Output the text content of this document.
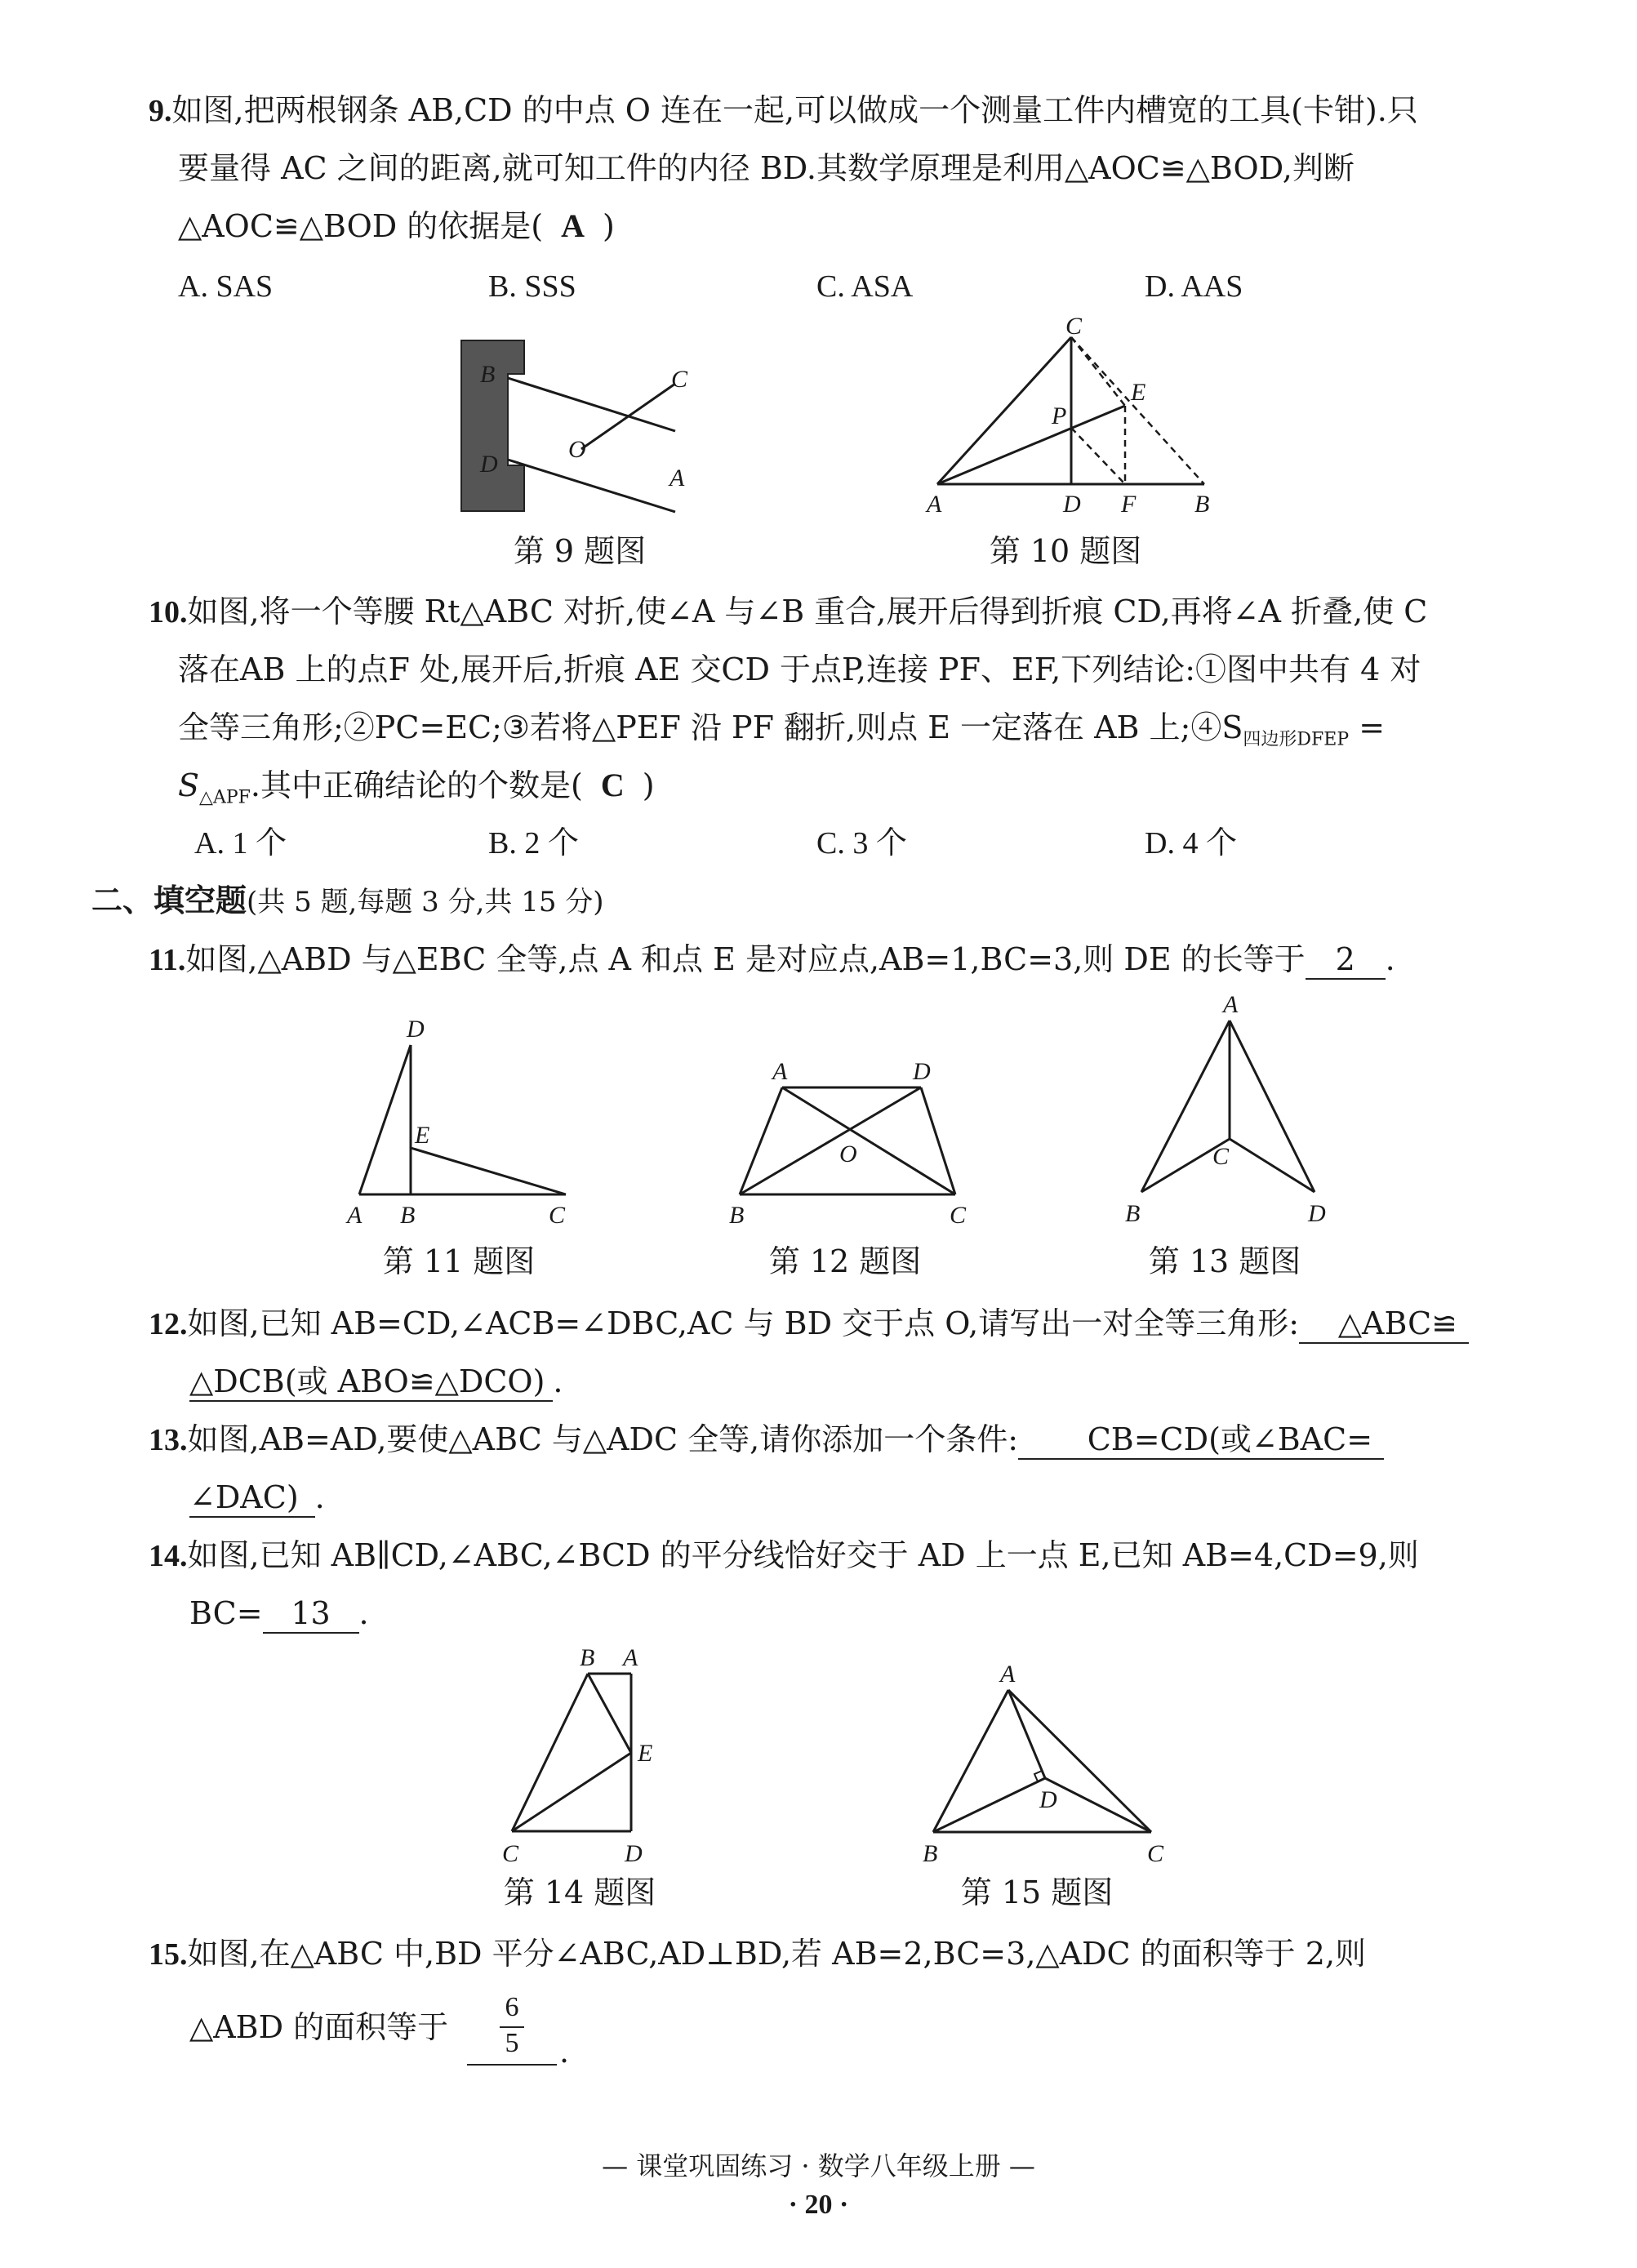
9.如图,把两根钢条 AB,CD 的中点 O 连在一起,可以做成一个测量工件内槽宽的工具(卡钳).只
要量得 AC 之间的距离,就可知工件的内径 BD.其数学原理是利用△AOC≌△BOD,判断
△AOC≌△BOD 的依据是( A )
A. SAS	B. SSS	C. ASA	D. AAS
B	C
O
D
A
第 9 题图
C
E
P
A	D F B
第 10 题图
10.如图,将一个等腰 Rt△ABC 对折,使∠A 与∠B 重合,展开后得到折痕 CD,再将∠A 折叠,使 C
落在AB 上的点F 处,展开后,折痕 AE 交CD 于点P,连接 PF、EF,下列结论:①图中共有 4 对
全等三角形;②PC=EC;③若将△PEF 沿 PF 翻折,则点 E 一定落在 AB 上$;④S_{四边形DFEP}$ =
$S_{\triangle APF}$.其中正确结论的个数是( C )
A. 1 个	B. 2 个	C. 3 个	D. 4 个
二、填空题(共 5 题,每题 3 分,共 15 分)
11.如图,△ABD 与△EBC 全等,点 A 和点 E 是对应点,AB=1,BC=3,则 DE 的长等于 2 .
D
E
A B	C
第 11 题图
A	D
O
B	C
第 12 题图
A
C
B	D
第 13 题图
12.如图,已知 AB=CD,∠ACB=∠DBC,AC 与 BD 交于点 O,请写出一对全等三角形: △ABC≌
△DCB(或 ABO≌△DCO) .
13.如图,AB=AD,要使△ABC 与△ADC 全等,请你添加一个条件: CB=CD(或∠BAC=
∠DAC) .
14.如图,已知 AB∥CD,∠ABC,∠BCD 的平分线恰好交于 AD 上一点 E,已知 AB=4,CD=9,则
BC= 13 .
B A
E
C	D
第 14 题图
A
D
B	C
第 15 题图
15.如图,在△ABC 中,BD 平分∠ABC,AD⊥BD,若 AB=2,BC=3,△ADC 的面积等于 2,则
△ABD 的面积等于
6
5	.
— 课堂巩固练习 · 数学八年级上册 —
· 20 ·
